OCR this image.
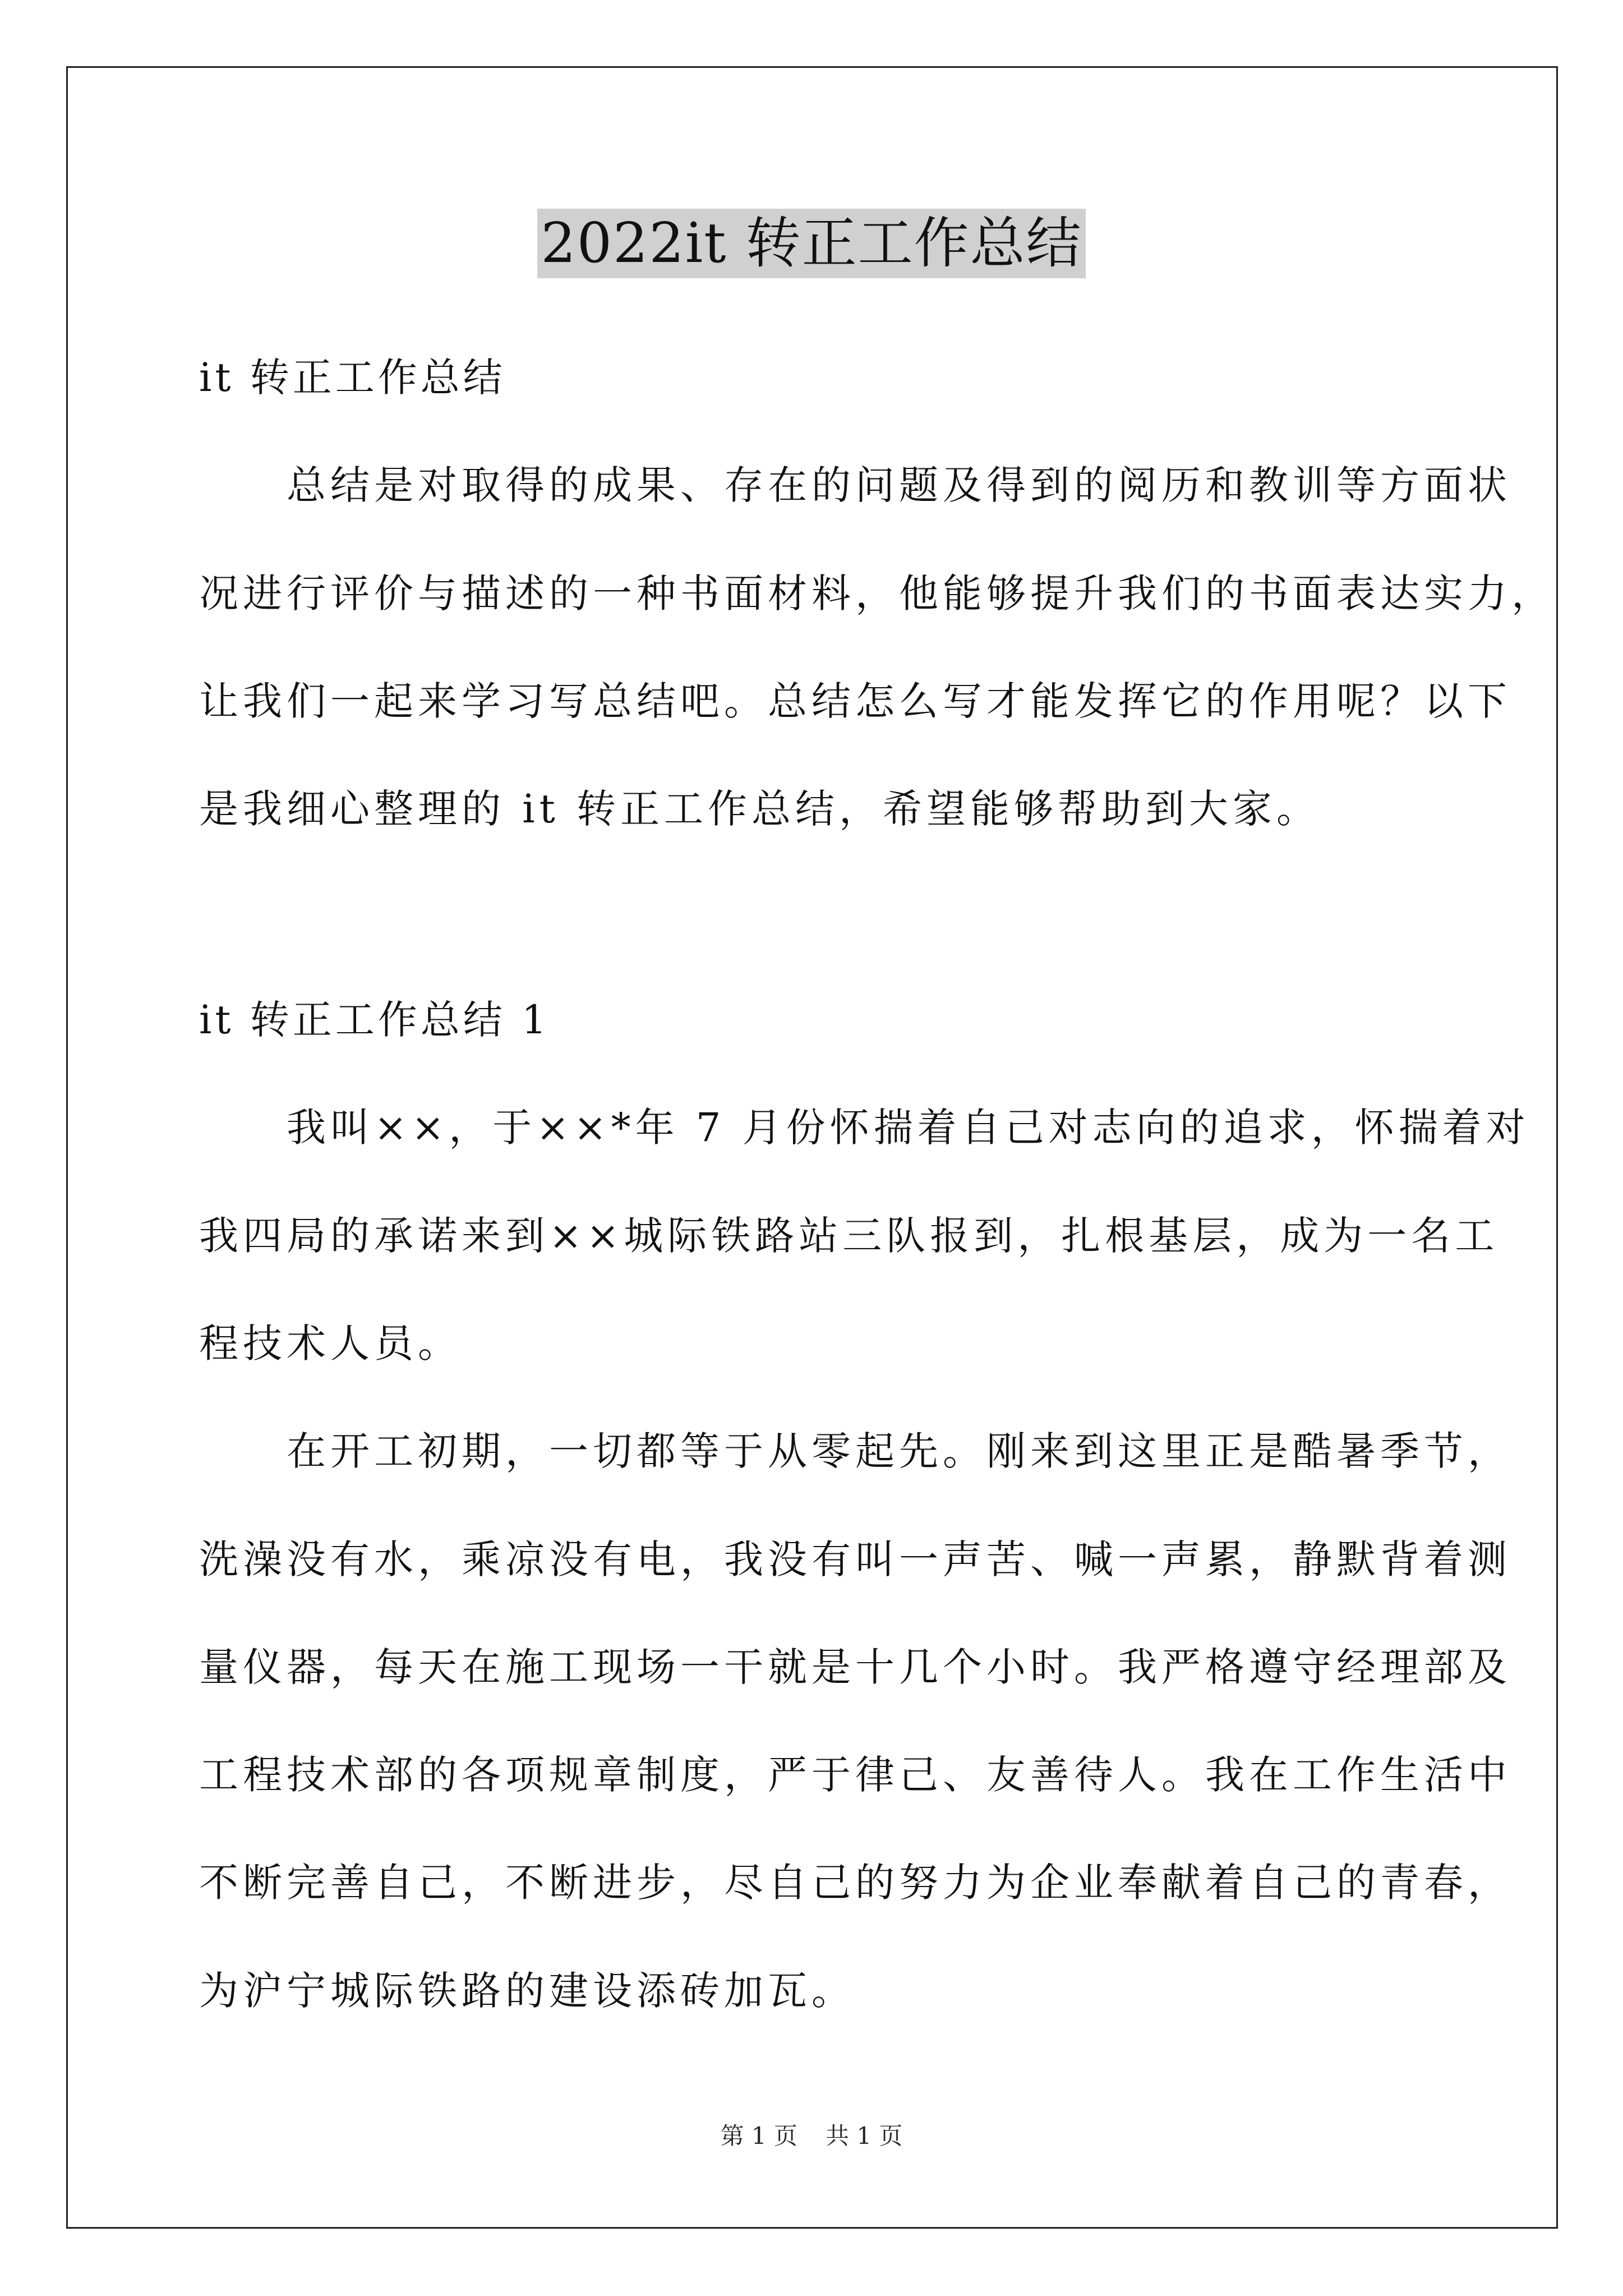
2022it 转正工作总结
it 转正工作总结
　　总结是对取得的成果、存在的问题及得到的阅历和教训等方面状
况进行评价与描述的一种书面材料，他能够提升我们的书面表达实力，
让我们一起来学习写总结吧。总结怎么写才能发挥它的作用呢？以下
是我细心整理的 it 转正工作总结，希望能够帮助到大家。
it 转正工作总结 1
　　我叫××，于××*年 7 月份怀揣着自己对志向的追求，怀揣着对
我四局的承诺来到××城际铁路站三队报到，扎根基层，成为一名工
程技术人员。
　　在开工初期，一切都等于从零起先。刚来到这里正是酷暑季节，
洗澡没有水，乘凉没有电，我没有叫一声苦、喊一声累，静默背着测
量仪器，每天在施工现场一干就是十几个小时。我严格遵守经理部及
工程技术部的各项规章制度，严于律己、友善待人。我在工作生活中
不断完善自己，不断进步，尽自己的努力为企业奉献着自己的青春，
为沪宁城际铁路的建设添砖加瓦。
第 1 页 共 1 页
